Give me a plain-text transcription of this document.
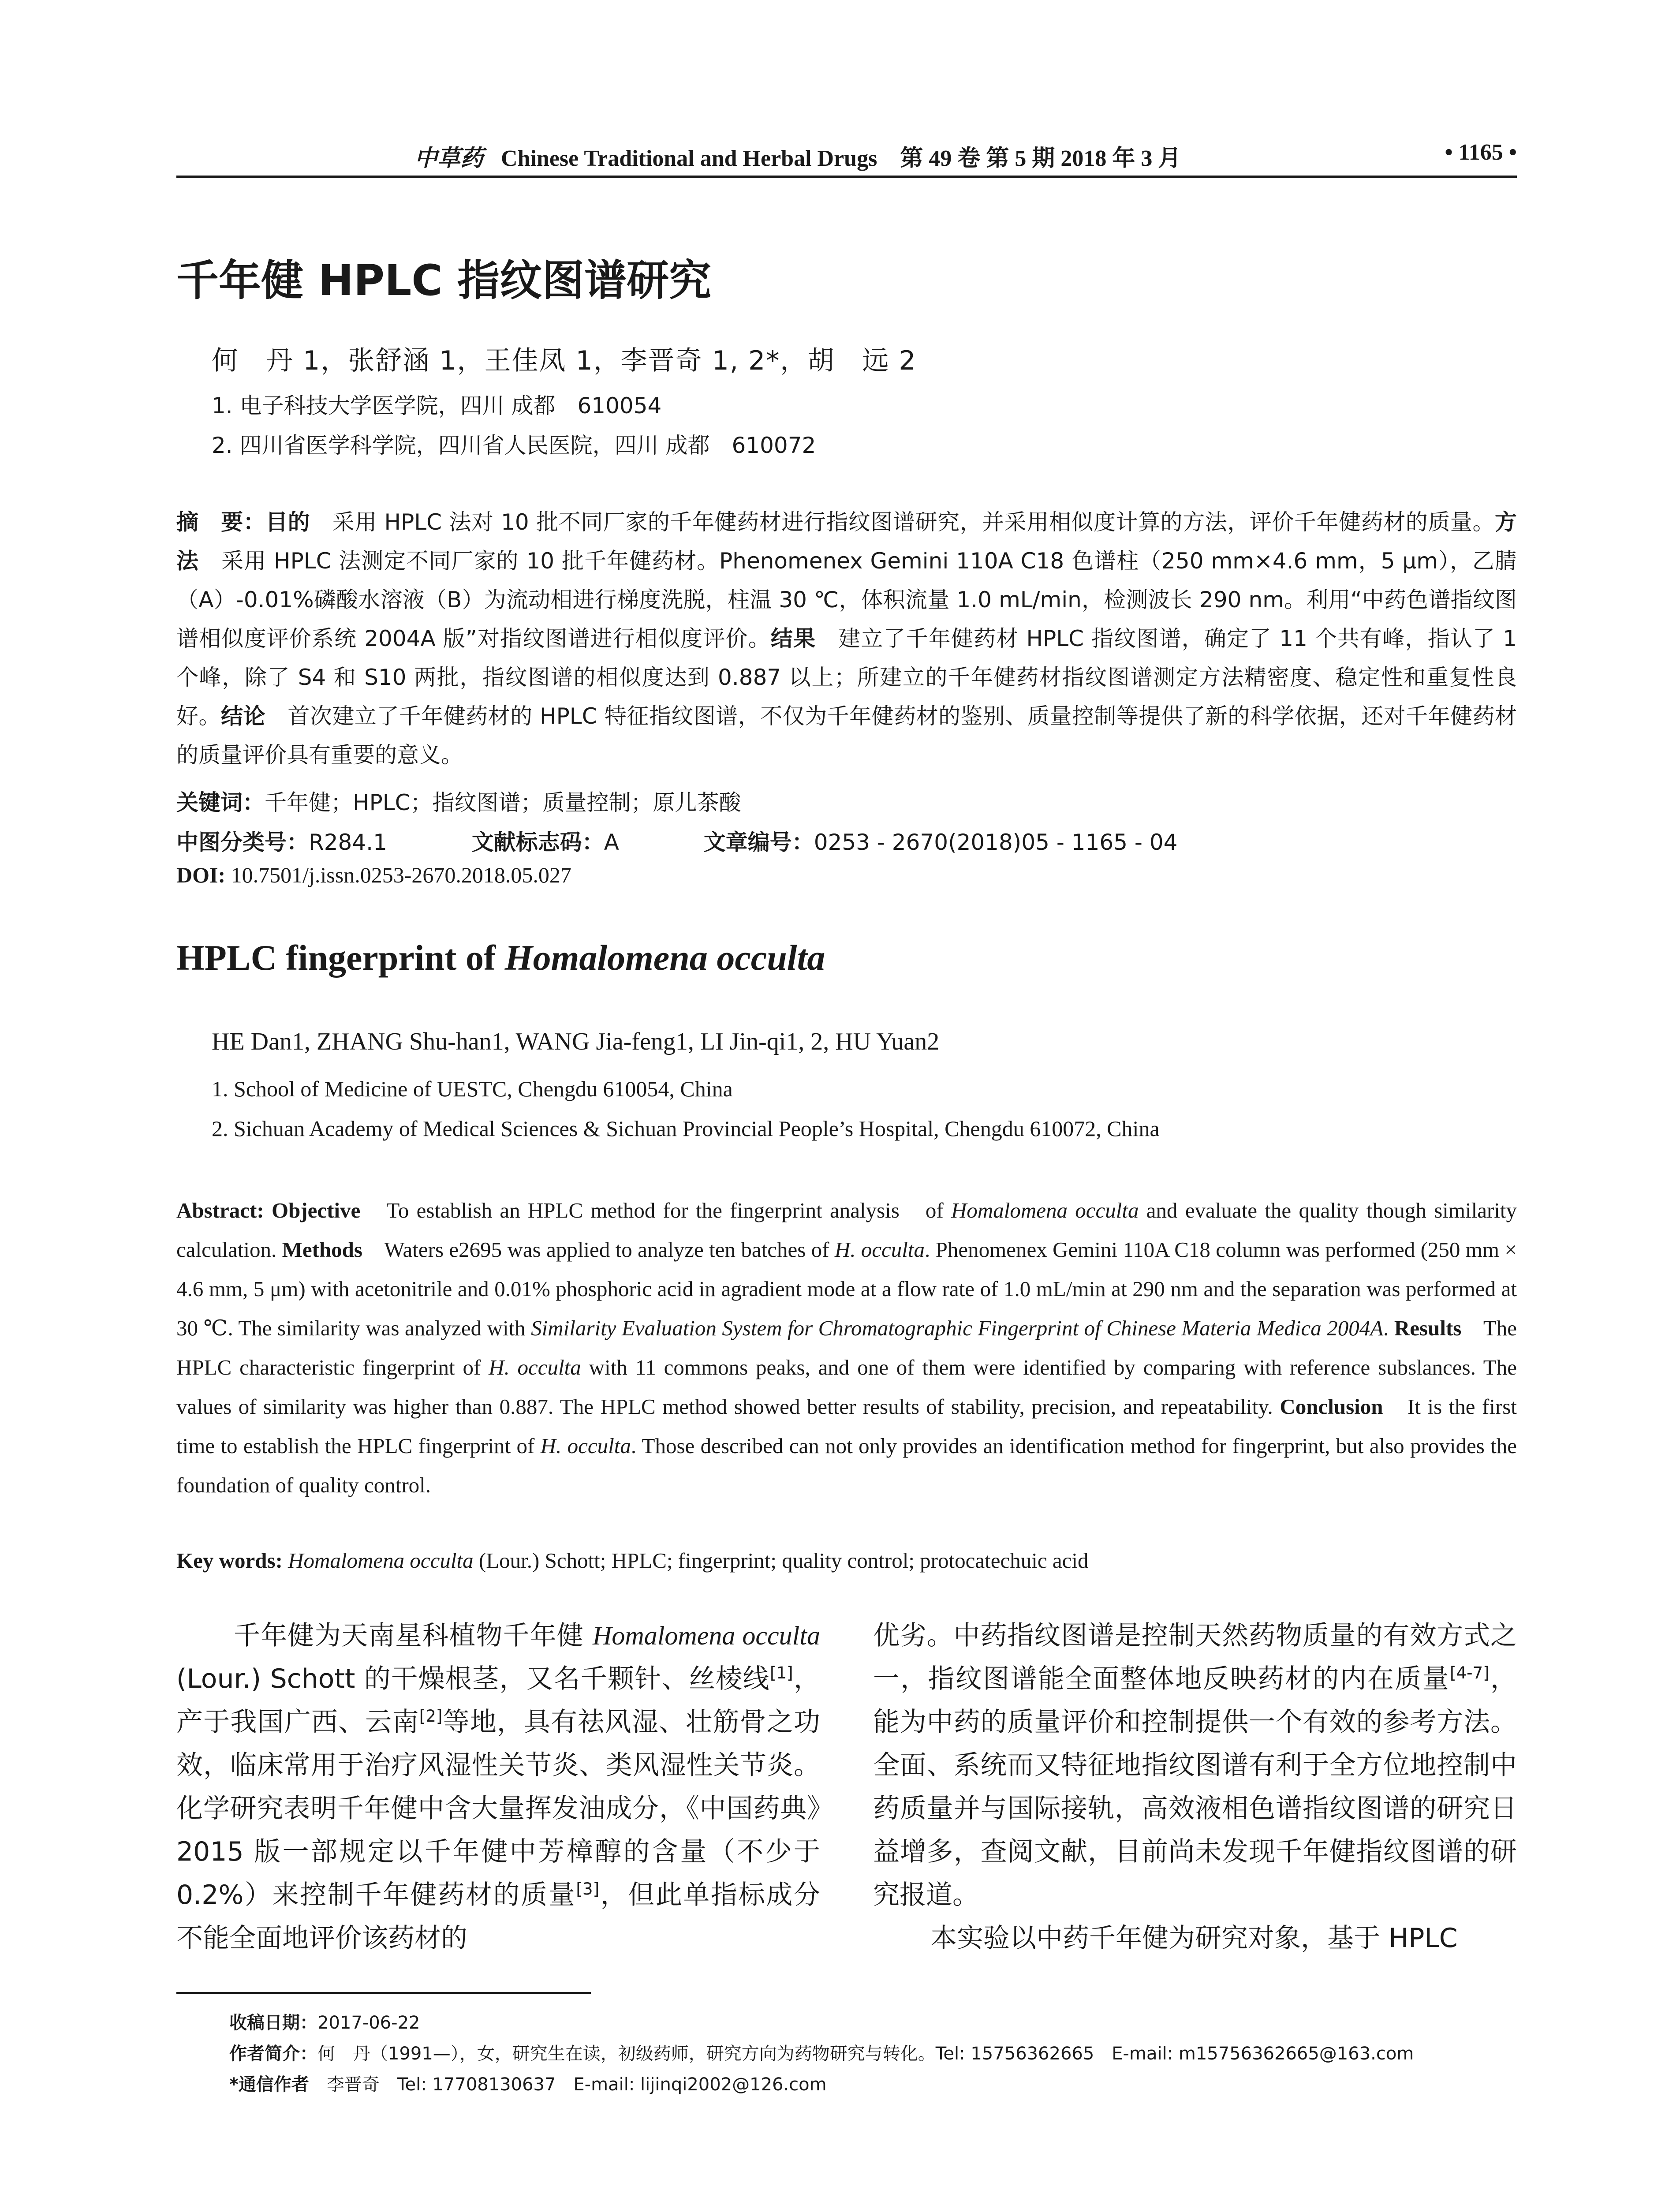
中草药 Chinese Traditional and Herbal Drugs　第 49 卷 第 5 期 2018 年 3 月	• 1165 •
千年健 HPLC 指纹图谱研究
何　丹 1，张舒涵 1，王佳凤 1，李晋奇 1, 2*，胡　远 2
1. 电子科技大学医学院，四川 成都　610054
2. 四川省医学科学院，四川省人民医院，四川 成都　610072
摘　要：目的　采用 HPLC 法对 10 批不同厂家的千年健药材进行指纹图谱研究，并采用相似度计算的方法，评价千年健药材的质量。方法　采用 HPLC 法测定不同厂家的 10 批千年健药材。Phenomenex Gemini 110A C18 色谱柱（250 mm×4.6 mm，5 μm），乙腈（A）-0.01%磷酸水溶液（B）为流动相进行梯度洗脱，柱温 30 ℃，体积流量 1.0 mL/min，检测波长 290 nm。利用“中药色谱指纹图谱相似度评价系统 2004A 版”对指纹图谱进行相似度评价。结果　建立了千年健药材 HPLC 指纹图谱，确定了 11 个共有峰，指认了 1 个峰，除了 S4 和 S10 两批，指纹图谱的相似度达到 0.887 以上；所建立的千年健药材指纹图谱测定方法精密度、稳定性和重复性良好。结论　首次建立了千年健药材的 HPLC 特征指纹图谱，不仅为千年健药材的鉴别、质量控制等提供了新的科学依据，还对千年健药材的质量评价具有重要的意义。
关键词：千年健；HPLC；指纹图谱；质量控制；原儿茶酸
中图分类号：R284.1	文献标志码：A	文章编号：0253 - 2670(2018)05 - 1165 - 04
DOI: 10.7501/j.issn.0253-2670.2018.05.027
HPLC fingerprint of Homalomena occulta
HE Dan1, ZHANG Shu-han1, WANG Jia-feng1, LI Jin-qi1, 2, HU Yuan2
1. School of Medicine of UESTC, Chengdu 610054, China
2. Sichuan Academy of Medical Sciences & Sichuan Provincial People’s Hospital, Chengdu 610072, China
Abstract: Objective　To establish an HPLC method for the fingerprint analysis　of Homalomena occulta and evaluate the quality though similarity calculation. Methods　Waters e2695 was applied to analyze ten batches of H. occulta. Phenomenex Gemini 110A C18 column was performed (250 mm × 4.6 mm, 5 μm) with acetonitrile and 0.01% phosphoric acid in agradient mode at a flow rate of 1.0 mL/min at 290 nm and the separation was performed at 30 ℃. The similarity was analyzed with Similarity Evaluation System for Chromatographic Fingerprint of Chinese Materia Medica 2004A. Results　The HPLC characteristic fingerprint of H. occulta with 11 commons peaks, and one of them were identified by comparing with reference subslances. The values of similarity was higher than 0.887. The HPLC method showed better results of stability, precision, and repeatability. Conclusion　It is the first time to establish the HPLC fingerprint of H. occulta. Those described can not only provides an identification method for fingerprint, but also provides the foundation of quality control.
Key words: Homalomena occulta (Lour.) Schott; HPLC; fingerprint; quality control; protocatechuic acid
千年健为天南星科植物千年健 Homalomena occulta (Lour.) Schott 的干燥根茎，又名千颗针、丝棱线[1]，产于我国广西、云南[2]等地，具有祛风湿、壮筋骨之功效，临床常用于治疗风湿性关节炎、类风湿性关节炎。化学研究表明千年健中含大量挥发油成分，《中国药典》2015 版一部规定以千年健中芳樟醇的含量（不少于 0.2%）来控制千年健药材的质量[3]，但此单指标成分不能全面地评价该药材的
优劣。中药指纹图谱是控制天然药物质量的有效方式之一，指纹图谱能全面整体地反映药材的内在质量[4-7]，能为中药的质量评价和控制提供一个有效的参考方法。全面、系统而又特征地指纹图谱有利于全方位地控制中药质量并与国际接轨，高效液相色谱指纹图谱的研究日益增多，查阅文献，目前尚未发现千年健指纹图谱的研究报道。
本实验以中药千年健为研究对象，基于 HPLC
收稿日期：2017-06-22
作者简介：何　丹（1991—），女，研究生在读，初级药师，研究方向为药物研究与转化。Tel: 15756362665　E-mail: m15756362665@163.com
*通信作者　李晋奇　Tel: 17708130637　E-mail: lijinqi2002@126.com
